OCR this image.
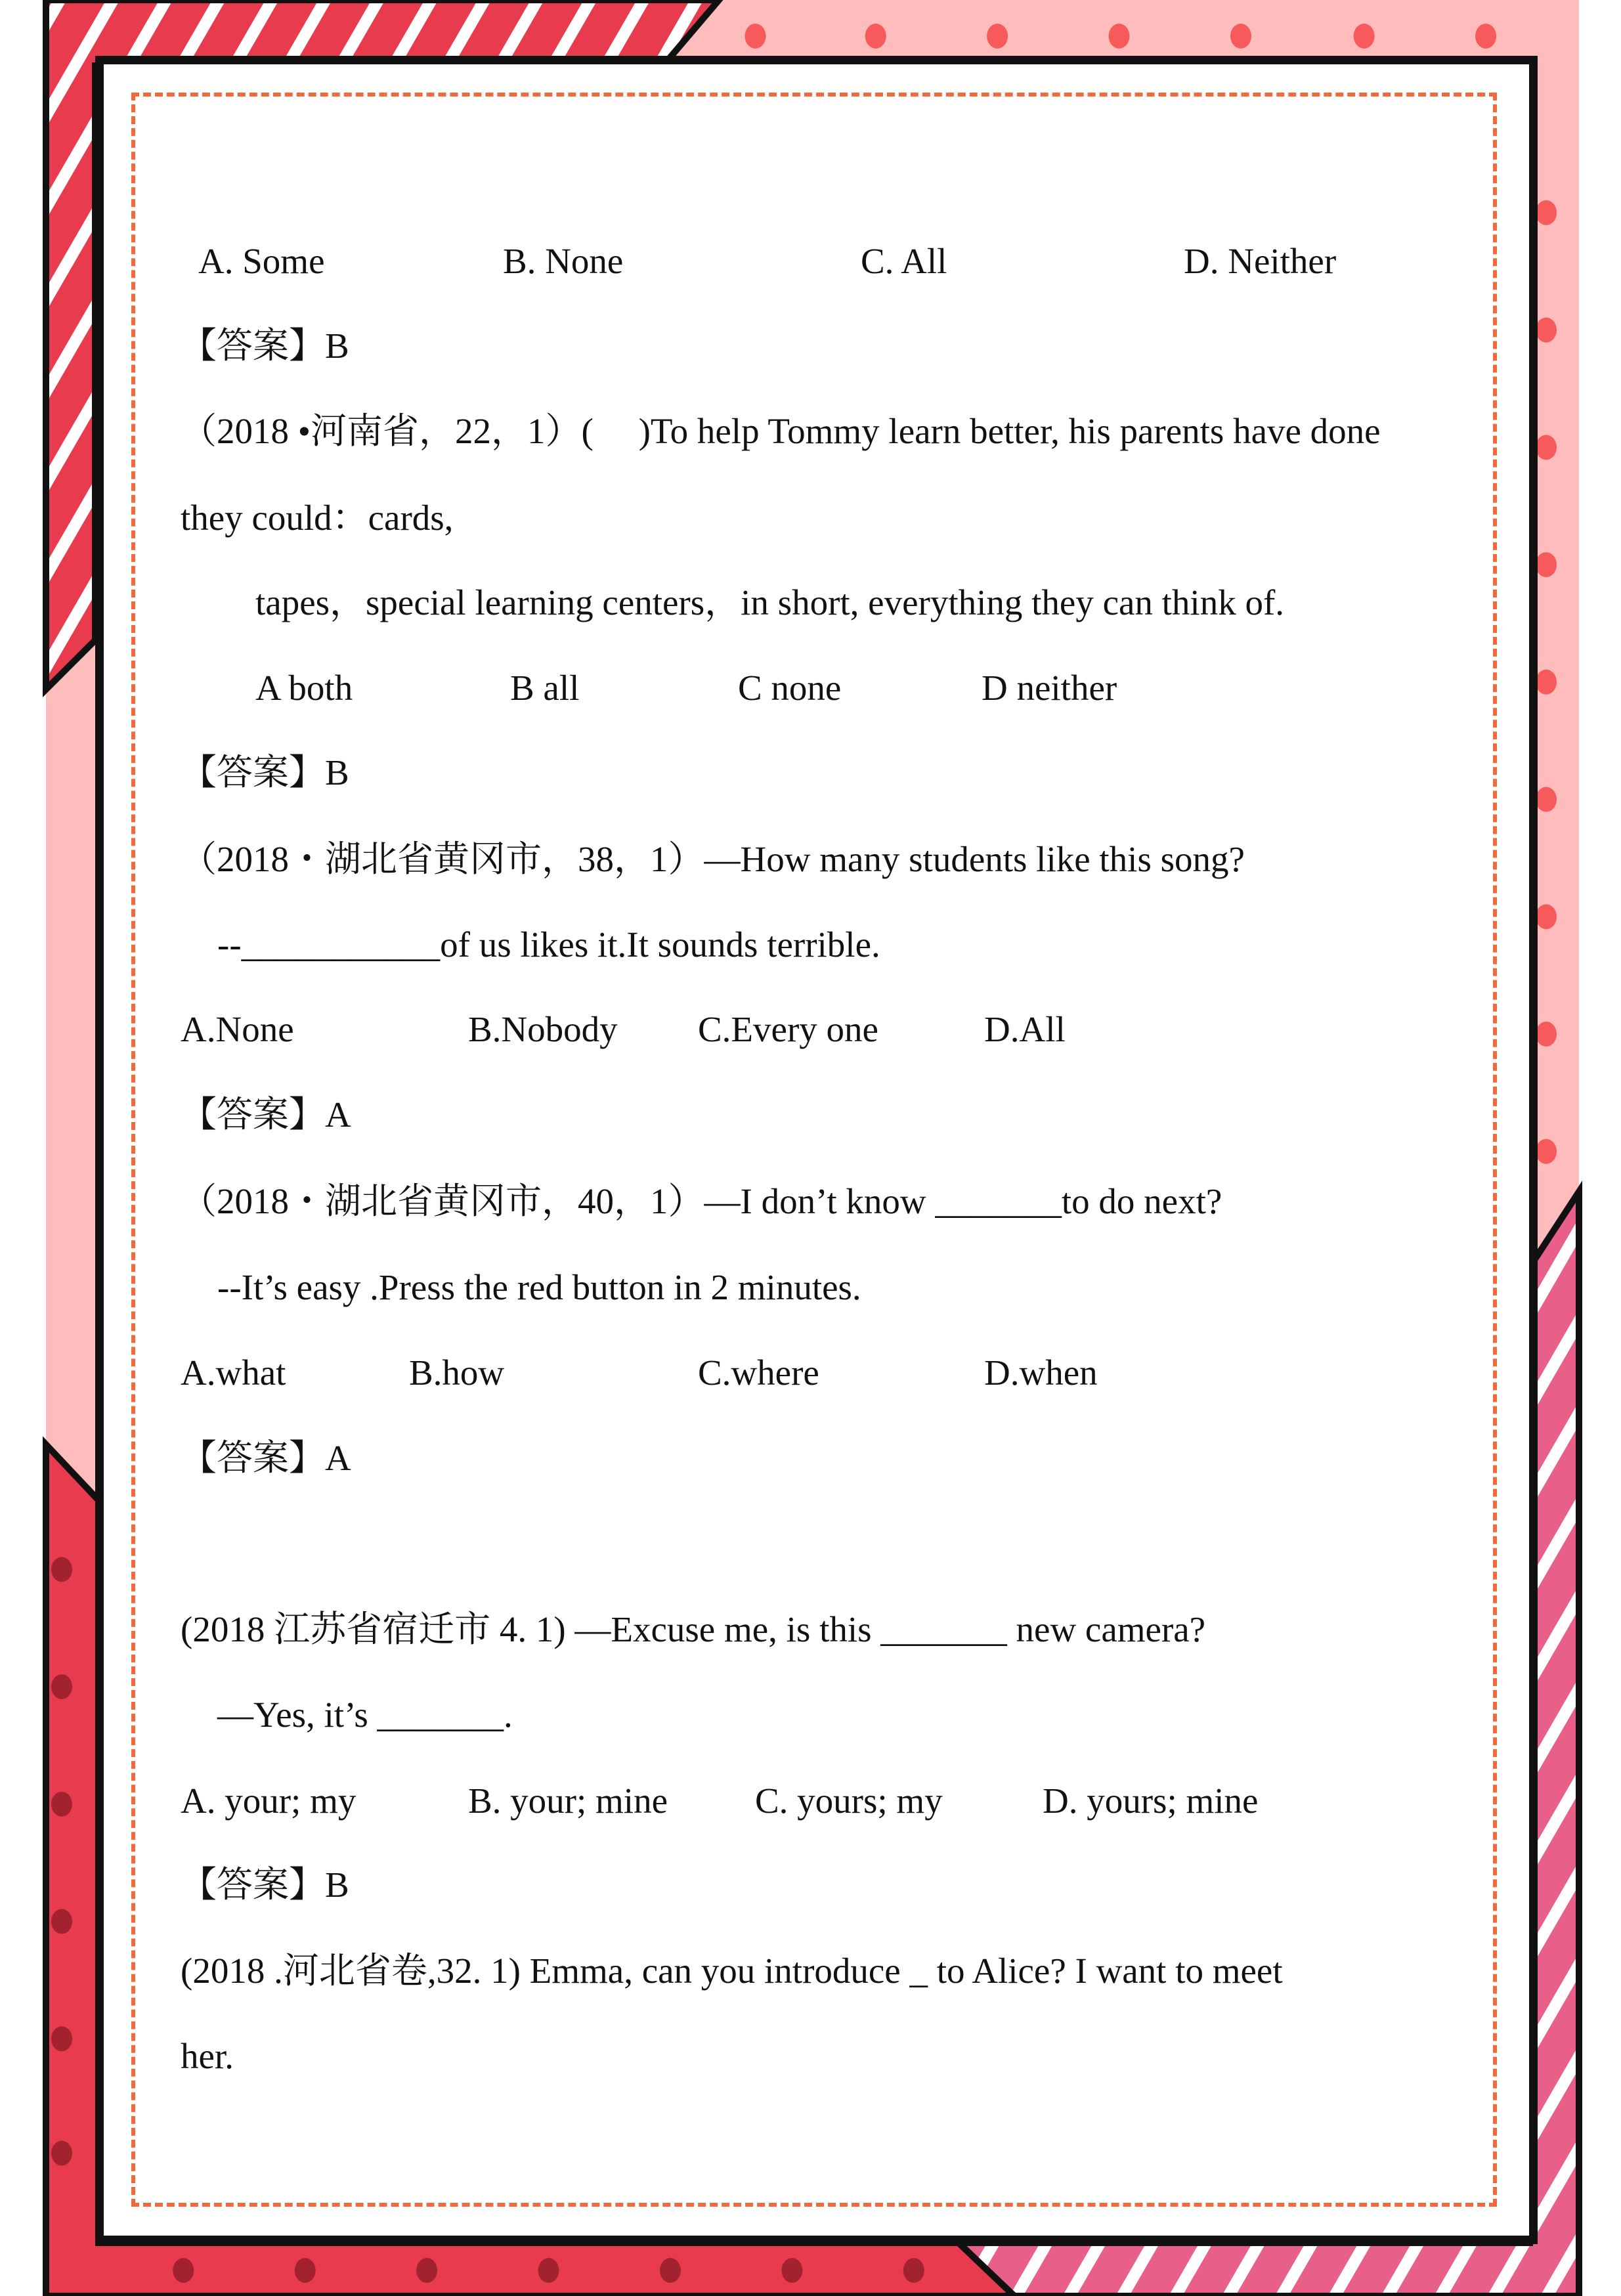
A. Some	B. None	C. All	D. Neither
【答案】B
（2018 •河南省，22，1）(　 )To help Tommy learn better, his parents have done
they could：cards,
tapes，special learning centers，in short, everything they can think of.
A both	B all	C none	D neither
【答案】B
（2018・湖北省黄冈市，38，1）—How many students like this song?
--___________of us likes it.It sounds terrible.
A.None	B.Nobody C.Every one	D.All
【答案】A
（2018・湖北省黄冈市，40，1）—I don’t know _______to do next?
--It’s easy .Press the red button in 2 minutes.
A.what	B.how	C.where	D.when
【答案】A
(2018 江苏省宿迁市 4. 1) —Excuse me, is this _______ new camera?
—Yes, it’s _______.
A. your; my	B. your; mine C. yours; my	D. yours; mine
【答案】B
(2018 .河北省卷,32. 1) Emma, can you introduce _ to Alice? I want to meet
her.
